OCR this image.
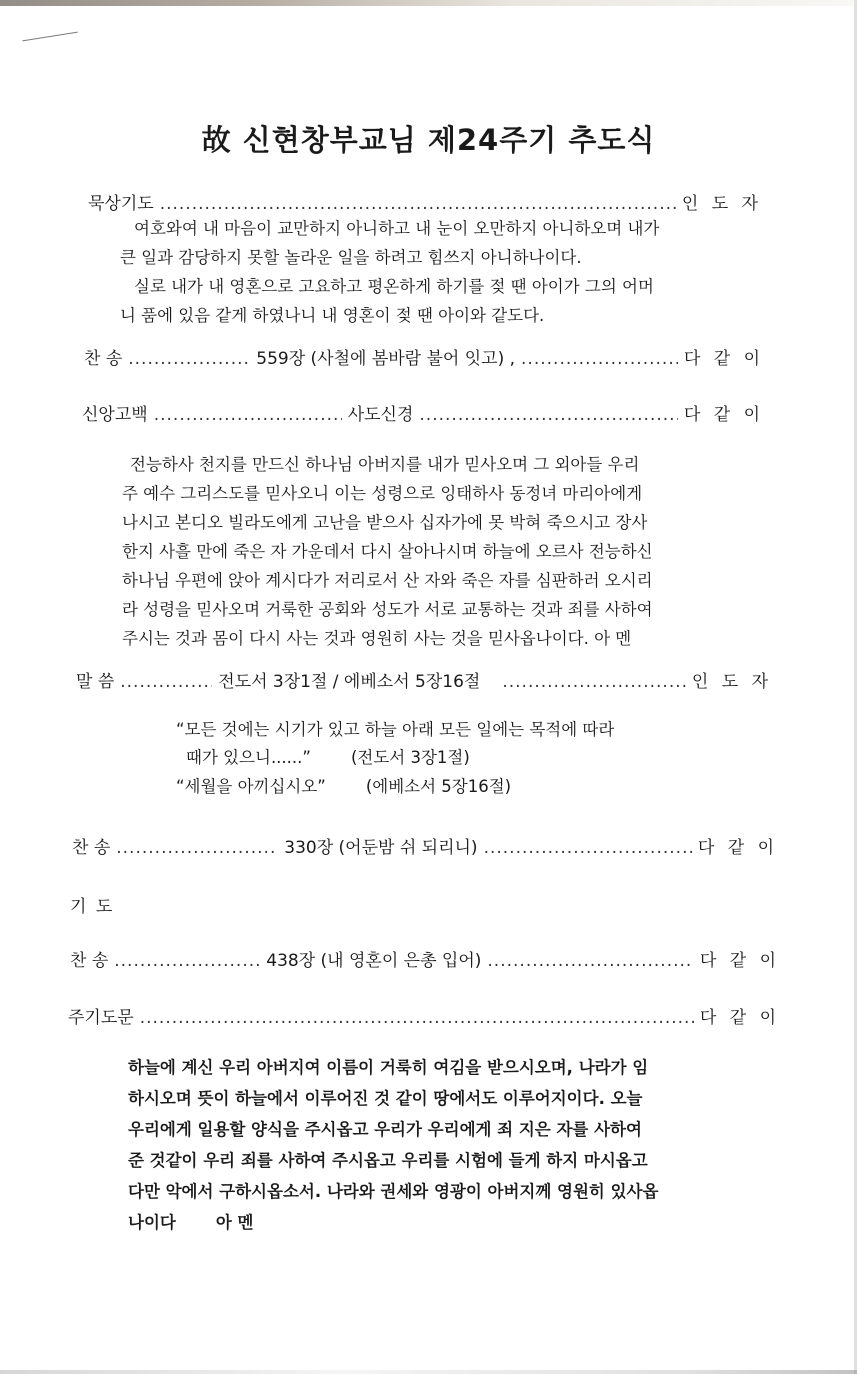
故 신현창부교님 제24주기 추도식
묵상기도 .....	인 도 자

여호와여 내 마음이 교만하지 아니하고 내 눈이 오만하지 아니하오며 내가

큰 일과 감당하지 못할 놀라운 일을 하려고 힘쓰지 아니하나이다.

실로 내가 내 영혼으로 고요하고 평온하게 하기를 젖 땐 아이가 그의 어머

니 품에 있음 같게 하였나니 내 영혼이 젖 땐 아이와 같도다.

찬 송 .....	559장 (사철에 봄바람 불어 잇고) , .....	다 같 이
신앙고백 .....	사도신경 .....	다 같 이

전능하사 천지를 만드신 하나님 아버지를 내가 믿사오며 그 외아들 우리

주 예수 그리스도를 믿사오니 이는 성령으로 잉태하사 동정녀 마리아에게

나시고 본디오 빌라도에게 고난을 받으사 십자가에 못 박혀 죽으시고 장사

한지 사흘 만에 죽은 자 가운데서 다시 살아나시며 하늘에 오르사 전능하신

하나님 우편에 앉아 계시다가 저리로서 산 자와 죽은 자를 심판하러 오시리

라 성령을 믿사오며 거룩한 공회와 성도가 서로 교통하는 것과 죄를 사하여

주시는 것과 몸이 다시 사는 것과 영원히 사는 것을 믿사옵나이다. 아 멘

말 씀 .....	전도서 3장1절 / 에베소서 5장16절 .....	인 도 자
“모든 것에는 시기가 있고 하늘 아래 모든 일에는 목적에 따라
때가 있으니......” (전도서 3장1절)
“세월을 아끼십시오” (에베소서 5장16절)
찬 송 .....	330장 (어둔밤 쉬 되리니) .....	다 같 이
기 도
찬 송 .....	438장 (내 영혼이 은총 입어) .....	다 같 이
주기도문 .....	다 같 이

하늘에 계신 우리 아버지여 이름이 거룩히 여김을 받으시오며, 나라가 임

하시오며 뜻이 하늘에서 이루어진 것 같이 땅에서도 이루어지이다. 오늘

우리에게 일용할 양식을 주시옵고 우리가 우리에게 죄 지은 자를 사하여

준 것같이 우리 죄를 사하여 주시옵고 우리를 시험에 들게 하지 마시옵고

다만 악에서 구하시옵소서. 나라와 권세와 영광이 아버지께 영원히 있사옵

나이다 아 멘
